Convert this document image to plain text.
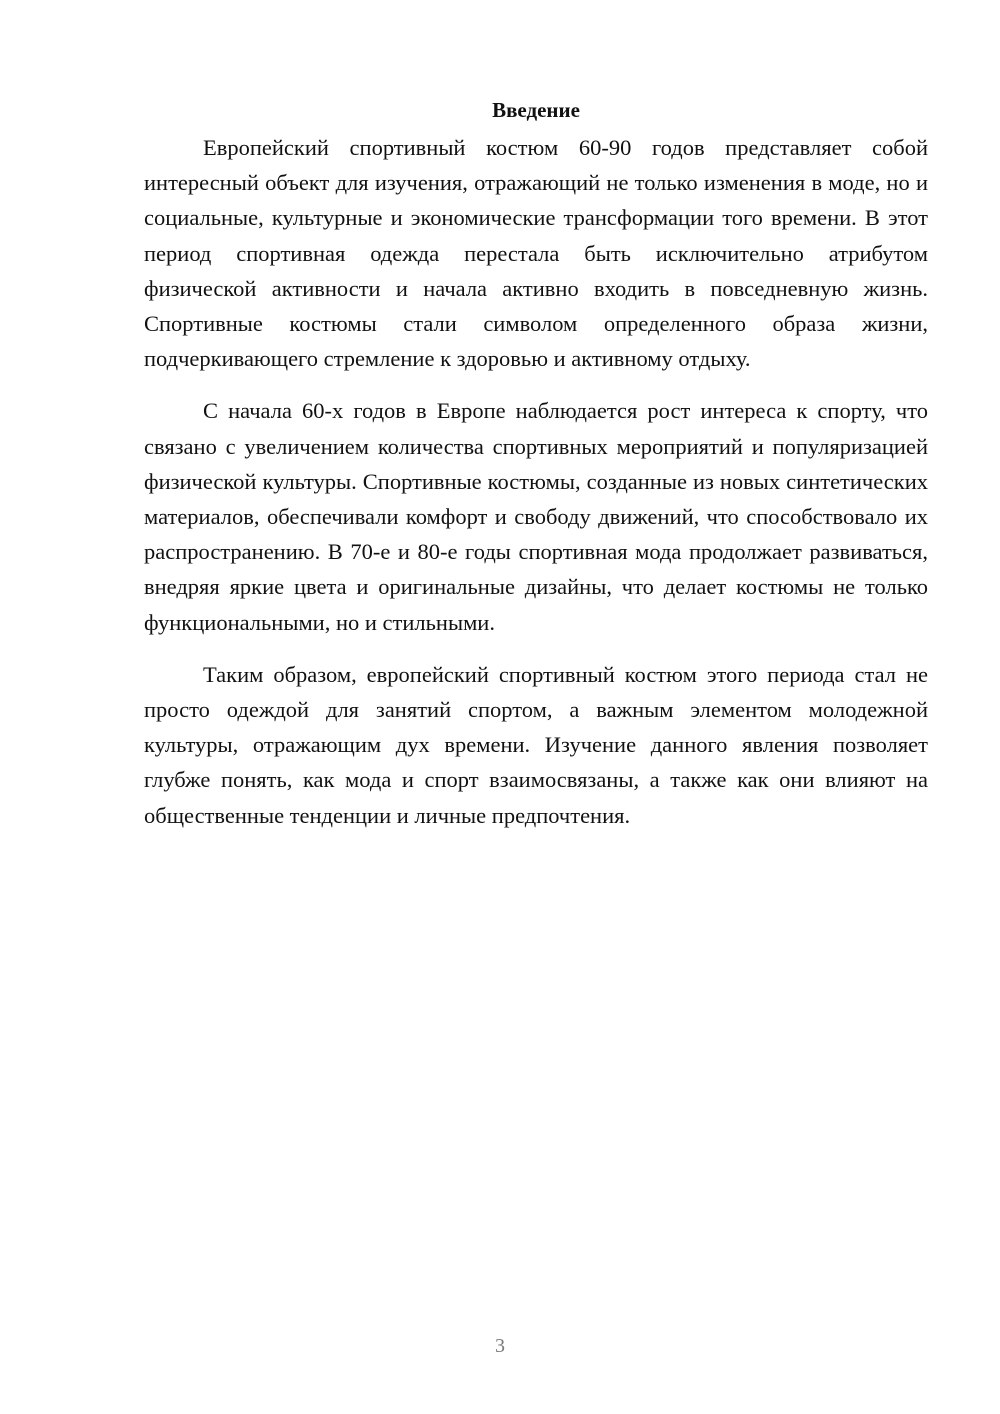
Введение

Европейский спортивный костюм 60-90 годов представляет собой интересный объект для изучения, отражающий не только изменения в моде, но и социальные, культурные и экономические трансформации того времени. В этот период спортивная одежда перестала быть исключительно атрибутом физической активности и начала активно входить в повседневную жизнь. Спортивные костюмы стали символом определенного образа жизни, подчеркивающего стремление к здоровью и активному отдыху.

С начала 60-х годов в Европе наблюдается рост интереса к спорту, что связано с увеличением количества спортивных мероприятий и популяризацией физической культуры. Спортивные костюмы, созданные из новых синтетических материалов, обеспечивали комфорт и свободу движений, что способствовало их распространению. В 70-е и 80-е годы спортивная мода продолжает развиваться, внедряя яркие цвета и оригинальные дизайны, что делает костюмы не только функциональными, но и стильными.

Таким образом, европейский спортивный костюм этого периода стал не просто одеждой для занятий спортом, а важным элементом молодежной культуры, отражающим дух времени. Изучение данного явления позволяет глубже понять, как мода и спорт взаимосвязаны, а также как они влияют на общественные тенденции и личные предпочтения.

3
